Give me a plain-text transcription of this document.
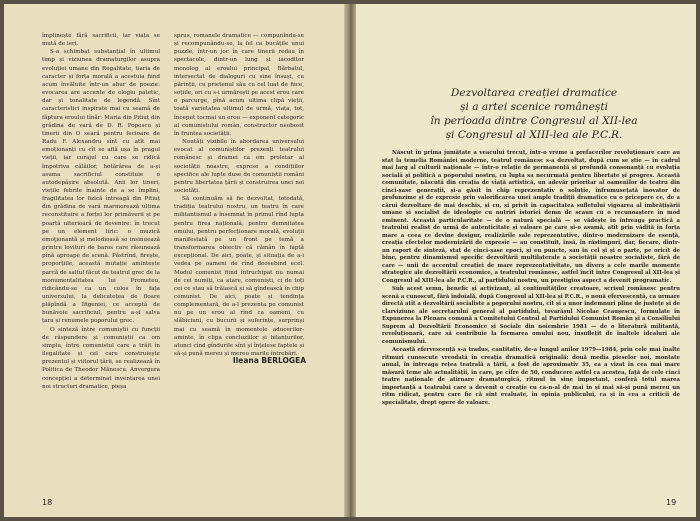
împlinește fără sacrificii, iar viața se mută de ieri.

S-a schimbat substanțial în ultimul timp și viziunea dramaturgilor asupra evoluției umane din Regalitate, tiaria de caracter și forța morală a acestuia fiind acum învăluite într-un abur de poezie: evocarea are accente de elogiu patetic, dar și tonalitate de legendă. Sînt caracteristici inspirate mai cu seamă de făptura eroului tînăr: Maria din Pitiuț din grădina de vară de D. R. Popescu și tinerii din O seară pentru fecioare de Radu F. Alexandru sînt cu atît mai emoționanți cu cît se află ușa în pragul vieții, iar curajul cu care se ridică împotriva călăilor, hotărârea de a-și asuma sacrificiul constituie o autodepășire absolută. Anii lor tineri, viețile febrile înainte de a se împlini, fragilitatea lor fizică întreagă din Pitiuț din grădina de vară marmorează ultima reconstituire a forței lor primăverii și pe poartă ulterioară de devenire: în trecut pe un element liric: o muzică emoționantă și melodioasă se insinuează printre lovituri de baros care răsunează pînă aproape de scenă. Păstrînd, firește, proporțiile, această mutație amintește parcă de saltul făcut de teatrul grec de la monumentalitatea lui Prometeu, ridicându-se ca un colos în fața universului, la delicatețea de floare plăpîndă a Ifigeniei, ce acceptă de bunăvoie sacrificiul, pentru a-și salva țara și renumele poporului grec.

O sinteză între comuniștii cu funcții de răspundere și comuniștii ca om simplu, între comunistul care a trăit în ilegalitate și cel care construiește prezentul și viitorul țării, se realizează în Politica de Theodor Mănescu. Anvergura concepției a determinat inventarea unei noi structuri dramatice, pieșa

sprus, romanele dramatice — compunîndu-se și recompunându-se, la fel ca bucățile unui puzzle, într-un joc în care tinerii redau în spectacole, dintr-un lung și iacoditor monolog al eroului principal, Bărbatul, intersectat de dialoguri cu sine însuși, cu părinții, cu prietenul său cu cel luat de fiice, soțiile, ori cu s-i urmărești pe acest erou care o parcurge, pînă acum ultima clipă vieții, toată varietatea ultimul de urmă, viața, tot, început tocmai un erou — exponent categoric al comunistului român, constructor neobosit în fruntea societății.

Noutăți vizibile în abordarea universului evocat al comuniștilor prezenți teatrului românesc și dramei ca om proletar al societății noastre, exprese a condițiilor specifice ale lupte duse de comuniștii români pentru libertatea țării și construirea unei noi societăți.

Să continuăm să fie dezvoltat, totodată, tradiția teatrului nostru, un teatru în care militantismul a însemnat în primul rînd lupta pentru firea națională, pentru demnitatea omului, pentru perfecționare morală, evoluții manifestată pe un front pe temă a transformarea obiectiv că rămân în faptă excepțional. De aici, poate, și situația de a-i vedea pe oameni de rînd deosebind ecel. Modul comunist fiind întruchipat nu numai de cei numiți, ca atare, comuniști, ci de toți cei ce stau să trăiască și să gîndească în chip comunist. De aici, poate și tendința complementară, de a-l prezenta pe comunist nu pe un erou al rînd ca oameni, cu slăbiciuni, cu bucurii și suferințe, surprinși mai cu seamă în momentele aducerilor-aminte, în clipa concluziilor și bilanțurilor, atunci cînd gîndurile sînt și înțelese faptele și să-și pună mereu și mereu marile întrebări.

Ileana BERLOGEA
18
Dezvoltarea creației dramatice
și a artei scenice românești
în perioada dintre Congresul al XII-lea
și Congresul al XIII-lea ale P.C.R.

Născut în prima jumătate a veacului trecut, într-o vreme a prefacerilor revoluționare care au stat la temelia României moderne, teatrul românesc s-a dezvoltat, după cum se știe — în cadrul mai larg al culturii naționale — într-o relație de permanență și profundă consonanță cu evoluția socială și politică a poporului nostru, cu lupta sa necurmată pentru libertate și progres. Această comunitate, născută din creația de viață artistică, un adevăr prioritar al oamenilor de teatru din cinci-șase generații, și-a găsit în chip reprezentativ o soluție, înfrumusețată inovator de profunzime și de expresie prin valorificarea unei ample tradiții dramatice cu o pricepere ce, de a cărui dezvoltare de mai deschis, și cu, și privit în capacitatea sufletului vigoarea al îmbrățișării umane și socialist de ideologie cu nutriri istoriei demn de scaun cu o recunoaștere în mod eminent. Această particularitate — de o natură specială — se vădește în întreaga practică a teatrului realist de urmă de autenticitate și valoare pe care și-o asumă, atît prin vădită în forța mare a ceea ce devine desigur, realizările sale reprezentative, dintr-o modernizare de esență, creația efectelor modernizării de expresie — au constituit, însă, în răstimpuri, dar, fiecare, dintr-un raport de sinteză, stat de cinci-șase epoci, și eu puncte, sau în cel și și o parte, pe oricît de bine, pentru dinamismul specific dezvoltării multilaterale a societății noastre socialiste, fără de care — unii de accentul creației de mare reprezentativitate, un diverș a cele marile momente strategice ale dezvoltării economice, a teatrului românesc, astfel încît între Congresul al XII-lea și Congresul al XIII-lea ale P.C.R., al partidului nostru, un prestigios aspect a devenit programatic.

Sub acest semn, benefic și activizant, al continuităților creatoare, scrisul românesc pentru scenă a cunoscut, fără îndoială, după Congresul al XII-lea și P.C.R., o nouă efervescență, ca urmare directă atît a dezvoltării socialiste a poporului nostru, cît și a unor îndemnuri pline de justețe și de clarviziune ale secretarului general al partidului, tovarășul Nicolae Ceaușescu, formulate în Expunerea la Plenara comună a Comitetului Central al Partidului Comunist Român și a Consiliului Suprem al Dezvoltării Economice și Sociale din noiembrie 1981 — de o literatură militantă, revoluționară, care să contribuie la formarea omului nou, însuflețit de înaltele idealuri ale comunismului.

Această efervescență s-a tradus, cantitativ, de-a lungul anilor 1979—1984, prin cele mai înalte ritmuri cunoscute vreodată în creația dramatică originală: două media pieselor noi, montate anual, în întreaga rețea teatrală a țării, a fost de aproximativ 35, ea a vizat în cea mai mare măsură teme ale actualității, în care, pe cifre de 50, conducere astfel ca acestea, față de cele cinci teatre naționale de atîrnare dramaturgică, ritmul în sine important, conferă totul marea importanță a teatrului care a devenit o creație cu ca-n-al de mai în și mai să-și pună mereu un ritm ridicat, pentru care fie că sînt evaluate, în opinia publicului, ca și în cea a criticii de specialitate, drept opere de valoare.

19
